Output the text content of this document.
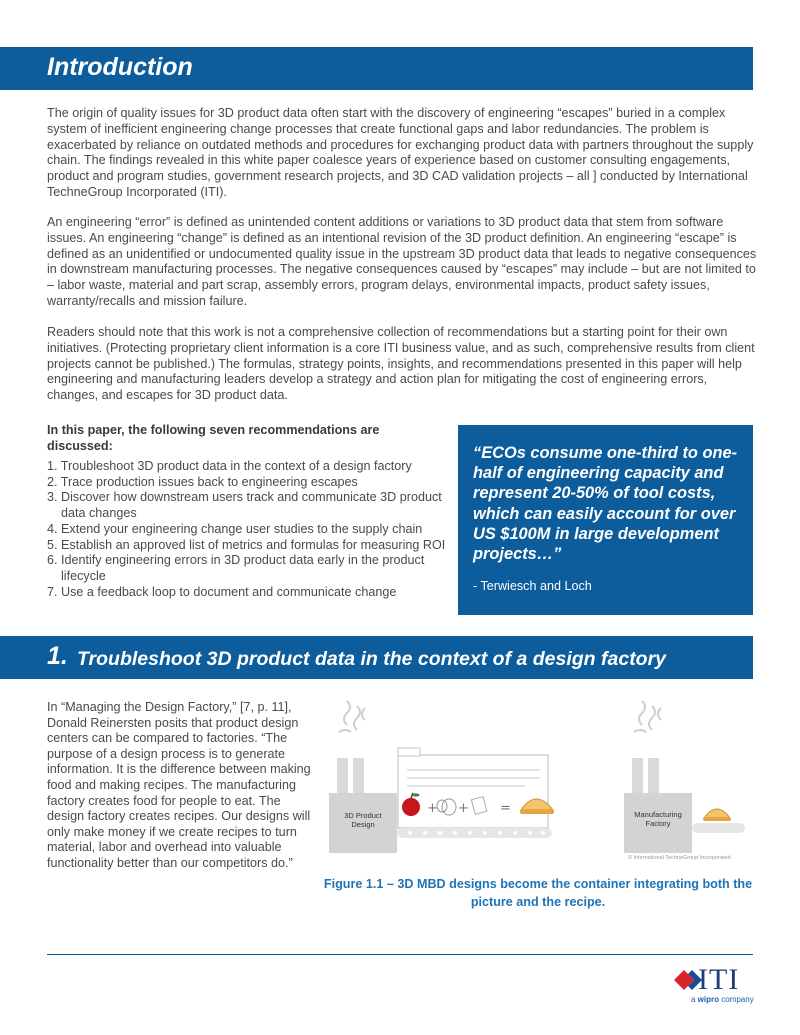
Introduction

The origin of quality issues for 3D product data often start with the discovery of engineering “escapes” buried in a complex system of inefficient engineering change processes that create functional gaps and labor redundancies. The problem is exacerbated by reliance on outdated methods and procedures for exchanging product data with partners throughout the supply chain. The findings revealed in this white paper coalesce years of experience based on customer consulting engagements, product and program studies, government research projects, and 3D CAD validation projects – all ] conducted by International TechneGroup Incorporated (ITI).

An engineering “error” is defined as unintended content additions or variations to 3D product data that stem from software issues. An engineering “change” is defined as an intentional revision of the 3D product definition. An engineering “escape” is defined as an unidentified or undocumented quality issue in the upstream 3D product data that leads to negative consequences in downstream manufacturing processes. The negative consequences caused by “escapes” may include – but are not limited to – labor waste, material and part scrap, assembly errors, program delays, environmental impacts, product safety issues, warranty/recalls and mission failure.

Readers should note that this work is not a comprehensive collection of recommendations but a starting point for their own initiatives. (Protecting proprietary client information is a core ITI business value, and as such, comprehensive results from client projects cannot be published.) The formulas, strategy points, insights, and recommendations presented in this paper will help engineering and manufacturing leaders develop a strategy and action plan for mitigating the cost of engineering errors, changes, and escapes for 3D product data.

In this paper, the following seven recommendations are discussed:

1. Troubleshoot 3D product data in the context of a design factory
2. Trace production issues back to engineering escapes
3. Discover how downstream users track and communicate 3D product data changes
4. Extend your engineering change user studies to the supply chain
5. Establish an approved list of metrics and formulas for measuring ROI
6. Identify engineering errors in 3D product data early in the product lifecycle
7. Use a feedback loop to document and communicate change

“ECOs consume one-third to one-half of engineering capacity and represent 20-50% of tool costs, which can easily account for over US $100M in large development projects…”

- Terwiesch and Loch
1. Troubleshoot 3D product data in the context of a design factory

In “Managing the Design Factory,” [7, p. 11], Donald Reinersten posits that product design centers can be compared to factories. “The purpose of a design process is to generate information. It is the difference between making food and making recipes. The manufacturing factory creates food for people to eat. The design factory creates recipes. Our designs will only make money if we create recipes to turn material, labor and overhead into valuable functionality better than our competitors do.”

3D Product
Design
+ + =	Manufacturing
Factory
© International TechneGroup Incorporated

Figure 1.1 – 3D MBD designs become the container integrating both the picture and the recipe.

ITI
a wipro company
